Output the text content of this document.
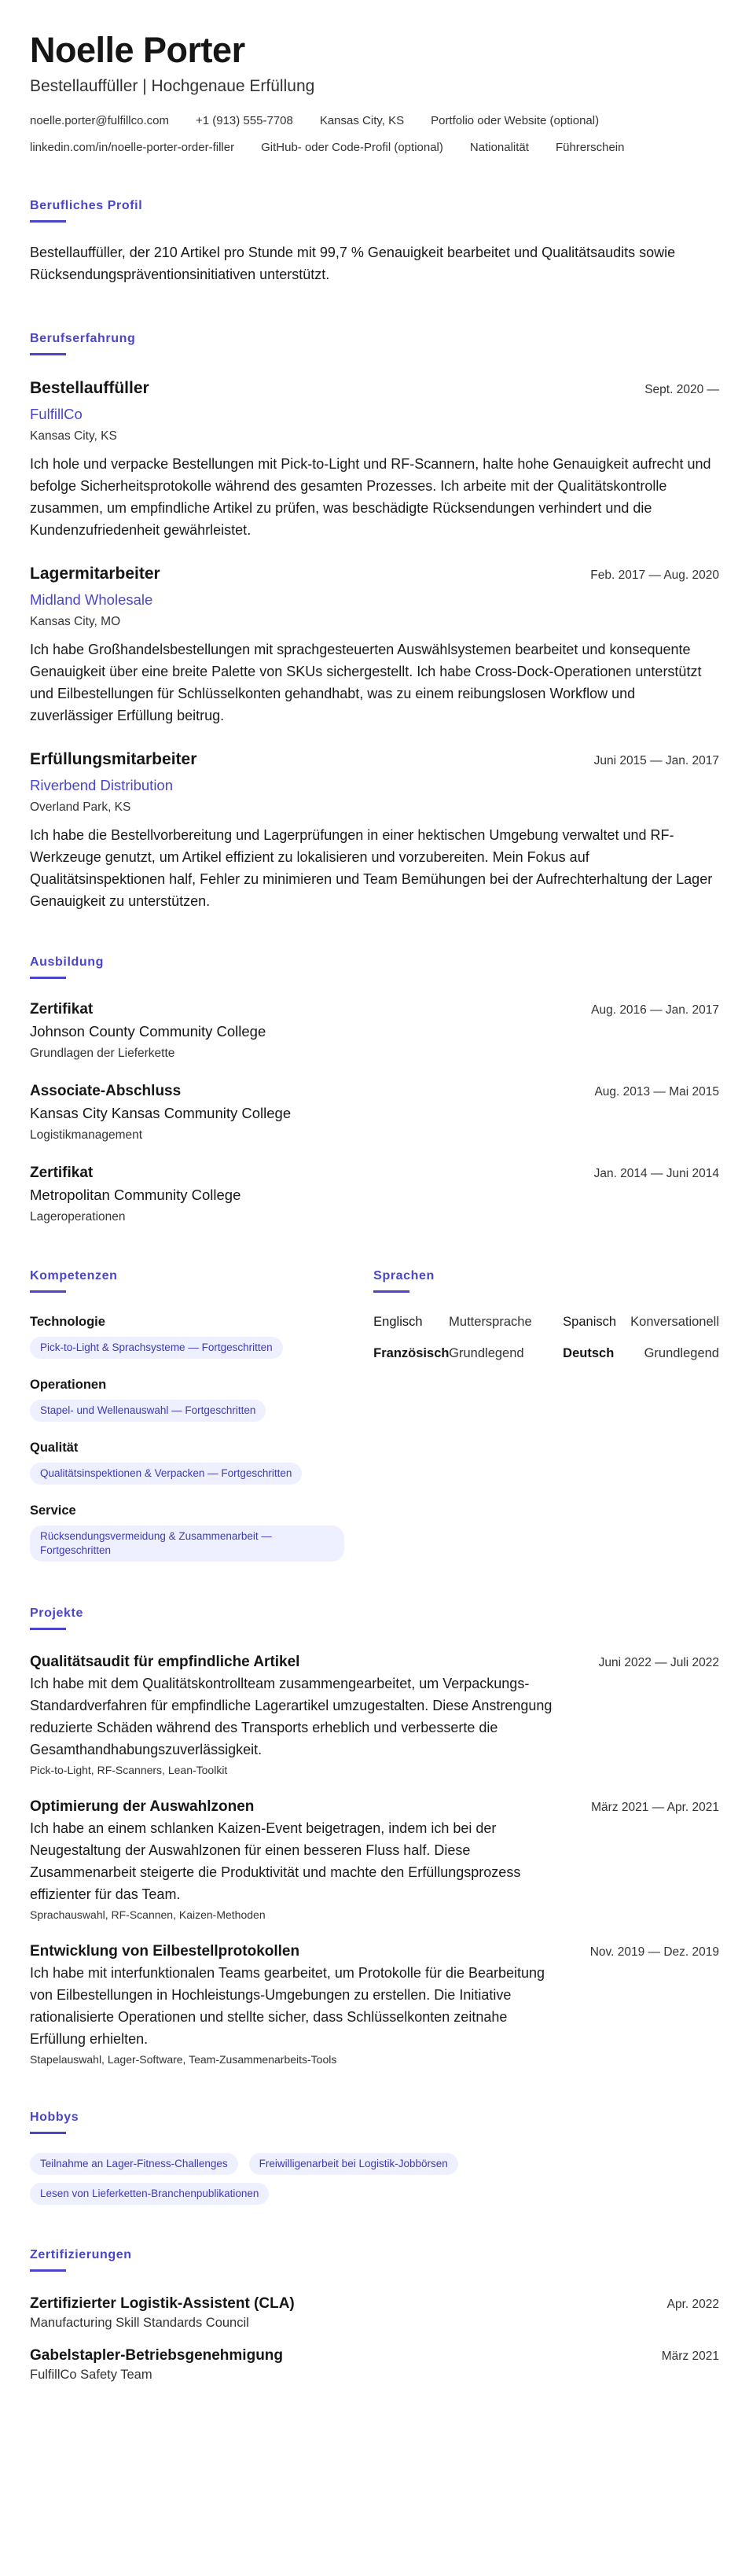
Noelle Porter
Bestellauffüller | Hochgenaue Erfüllung
noelle.porter@fulfillco.com +1 (913) 555-7708 Kansas City, KS Portfolio oder Website (optional)
linkedin.com/in/noelle-porter-order-filler GitHub- oder Code-Profil (optional) Nationalität Führerschein
Berufliches Profil

Bestellauffüller, der 210 Artikel pro Stunde mit 99,7 % Genauigkeit bearbeitet und Qualitätsaudits sowie Rücksendungspräventionsinitiativen unterstützt.

Berufserfahrung
Bestellauffüller	Sept. 2020 —
FulfillCo
Kansas City, KS

Ich hole und verpacke Bestellungen mit Pick-to-Light und RF-Scannern, halte hohe Genauigkeit aufrecht und befolge Sicherheitsprotokolle während des gesamten Prozesses. Ich arbeite mit der Qualitätskontrolle zusammen, um empfindliche Artikel zu prüfen, was beschädigte Rücksendungen verhindert und die Kundenzufriedenheit gewährleistet.

Lagermitarbeiter	Feb. 2017 — Aug. 2020
Midland Wholesale
Kansas City, MO

Ich habe Großhandelsbestellungen mit sprachgesteuerten Auswählsystemen bearbeitet und konsequente Genauigkeit über eine breite Palette von SKUs sichergestellt. Ich habe Cross-Dock-Operationen unterstützt und Eilbestellungen für Schlüsselkonten gehandhabt, was zu einem reibungslosen Workflow und zuverlässiger Erfüllung beitrug.

Erfüllungsmitarbeiter	Juni 2015 — Jan. 2017
Riverbend Distribution
Overland Park, KS

Ich habe die Bestellvorbereitung und Lagerprüfungen in einer hektischen Umgebung verwaltet und RF-Werkzeuge genutzt, um Artikel effizient zu lokalisieren und vorzubereiten. Mein Fokus auf Qualitätsinspektionen half, Fehler zu minimieren und Team Bemühungen bei der Aufrechterhaltung der Lager Genauigkeit zu unterstützen.

Ausbildung
Zertifikat	Aug. 2016 — Jan. 2017
Johnson County Community College
Grundlagen der Lieferkette
Associate-Abschluss	Aug. 2013 — Mai 2015
Kansas City Kansas Community College
Logistikmanagement
Zertifikat	Jan. 2014 — Juni 2014
Metropolitan Community College
Lageroperationen
Kompetenzen
Technologie
Pick-to-Light & Sprachsysteme — Fortgeschritten
Operationen
Stapel- und Wellenauswahl — Fortgeschritten
Qualität
Qualitätsinspektionen & Verpacken — Fortgeschritten
Service
Rücksendungsvermeidung & Zusammenarbeit — Fortgeschritten
Sprachen
Englisch	Muttersprache	Spanisch	Konversationell
Französisch Grundlegend	Deutsch	Grundlegend
Projekte
Qualitätsaudit für empfindliche Artikel	Juni 2022 — Juli 2022

Ich habe mit dem Qualitätskontrollteam zusammengearbeitet, um Verpackungs-Standardverfahren für empfindliche Lagerartikel umzugestalten. Diese Anstrengung reduzierte Schäden während des Transports erheblich und verbesserte die Gesamthandhabungszuverlässigkeit.

Pick-to-Light, RF-Scanners, Lean-Toolkit
Optimierung der Auswahlzonen	März 2021 — Apr. 2021

Ich habe an einem schlanken Kaizen-Event beigetragen, indem ich bei der Neugestaltung der Auswahlzonen für einen besseren Fluss half. Diese Zusammenarbeit steigerte die Produktivität und machte den Erfüllungsprozess effizienter für das Team.

Sprachauswahl, RF-Scannen, Kaizen-Methoden
Entwicklung von Eilbestellprotokollen	Nov. 2019 — Dez. 2019

Ich habe mit interfunktionalen Teams gearbeitet, um Protokolle für die Bearbeitung von Eilbestellungen in Hochleistungs-Umgebungen zu erstellen. Die Initiative rationalisierte Operationen und stellte sicher, dass Schlüsselkonten zeitnahe Erfüllung erhielten.

Stapelauswahl, Lager-Software, Team-Zusammenarbeits-Tools
Hobbys
Teilnahme an Lager-Fitness-Challenges	Freiwilligenarbeit bei Logistik-Jobbörsen
Lesen von Lieferketten-Branchenpublikationen
Zertifizierungen
Zertifizierter Logistik-Assistent (CLA)	Apr. 2022
Manufacturing Skill Standards Council
Gabelstapler-Betriebsgenehmigung	März 2021
FulfillCo Safety Team
